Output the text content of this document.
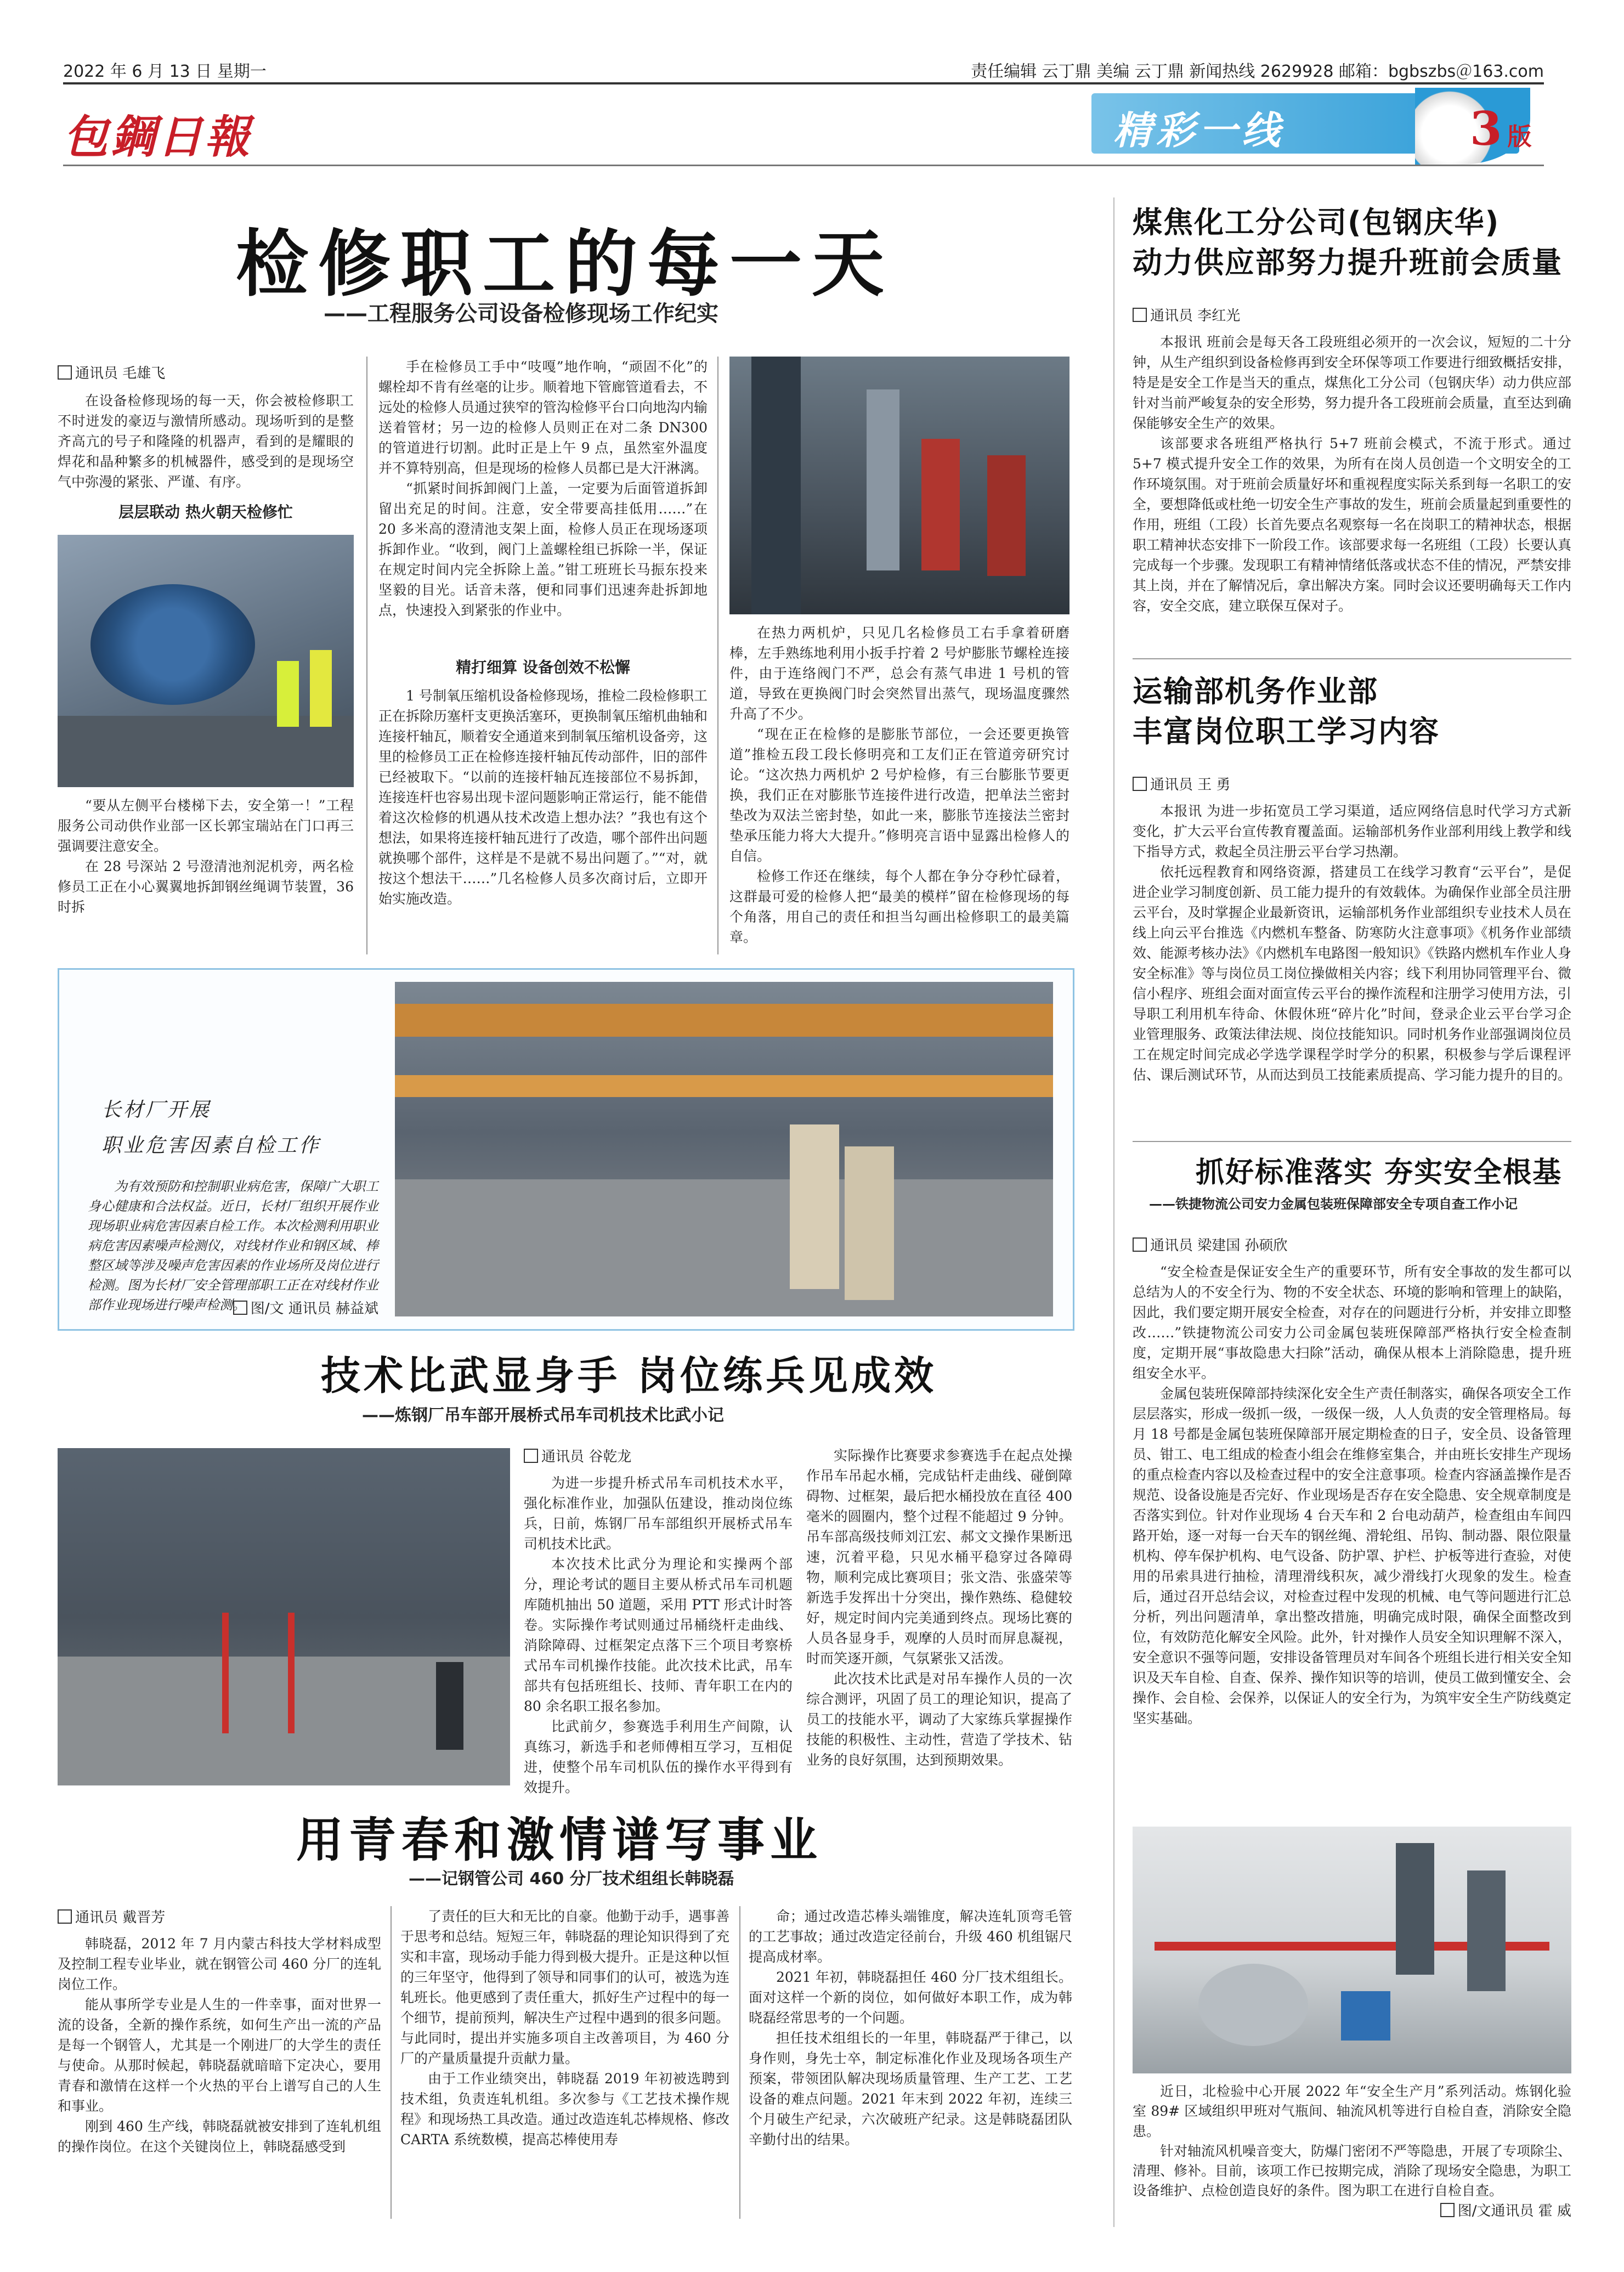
2022 年 6 月 13 日 星期一	责任编辑 云丁鼎 美编 云丁鼎 新闻热线 2629928 邮箱：bgbszbs＠163.com
包鋼日報	精彩一线	3 版
检修职工的每一天
——工程服务公司设备检修现场工作纪实
通讯员 毛雄飞

在设备检修现场的每一天，你会被检修职工不时迸发的豪迈与激情所感动。现场听到的是整齐高亢的号子和隆隆的机器声，看到的是耀眼的焊花和晶种繁多的机械器件，感受到的是现场空气中弥漫的紧张、严谨、有序。

层层联动 热火朝天检修忙

“要从左侧平台楼梯下去，安全第一！”工程服务公司动供作业部一区长郭宝瑞站在门口再三强调要注意安全。

在 28 号深站 2 号澄清池剂泥机旁，两名检修员工正在小心翼翼地拆卸钢丝绳调节装置，36 时拆

手在检修员工手中“吱嘎”地作响，“顽固不化”的螺栓却不肯有丝毫的让步。顺着地下管廊管道看去，不远处的检修人员通过狭窄的管沟检修平台口向地沟内输送着管材；另一边的检修人员则正在对二条 DN300 的管道进行切割。此时正是上午 9 点，虽然室外温度并不算特别高，但是现场的检修人员都已是大汗淋漓。

“抓紧时间拆卸阀门上盖，一定要为后面管道拆卸留出充足的时间。注意，安全带要高挂低用……”在 20 多米高的澄清池支架上面，检修人员正在现场逐项拆卸作业。“收到，阀门上盖螺栓组已拆除一半，保证在规定时间内完全拆除上盖。”钳工班班长马振东投来坚毅的目光。话音未落，便和同事们迅速奔赴拆卸地点，快速投入到紧张的作业中。

精打细算 设备创效不松懈

1 号制氧压缩机设备检修现场，推检二段检修职工正在拆除历塞杆支更换活塞环，更换制氧压缩机曲轴和连接杆轴瓦，顺着安全通道来到制氧压缩机设备旁，这里的检修员工正在检修连接杆轴瓦传动部件，旧的部件已经被取下。“以前的连接杆轴瓦连接部位不易拆卸，连接连杆也容易出现卡涩问题影响正常运行，能不能借着这次检修的机遇从技术改造上想办法？”我也有这个想法，如果将连接杆轴瓦进行了改造，哪个部件出问题就换哪个部件，这样是不是就不易出问题了。”“对，就按这个想法干……”几名检修人员多次商讨后，立即开始实施改造。

在热力两机炉，只见几名检修员工右手拿着研磨棒，左手熟练地利用小扳手拧着 2 号炉膨胀节螺栓连接件，由于连络阀门不严，总会有蒸气串进 1 号机的管道，导致在更换阀门时会突然冒出蒸气，现场温度骤然升高了不少。

“现在正在检修的是膨胀节部位，一会还要更换管道”推检五段工段长修明亮和工友们正在管道旁研究讨论。“这次热力两机炉 2 号炉检修，有三台膨胀节要更换，我们正在对膨胀节连接件进行改造，把单法兰密封垫改为双法兰密封垫，如此一来，膨胀节连接法兰密封垫承压能力将大大提升。”修明亮言语中显露出检修人的自信。

检修工作还在继续，每个人都在争分夺秒忙碌着，这群最可爱的检修人把“最美的模样”留在检修现场的每个角落，用自己的责任和担当勾画出检修职工的最美篇章。

长材厂开展
职业危害因素自检工作

为有效预防和控制职业病危害，保障广大职工身心健康和合法权益。近日，长材厂组织开展作业现场职业病危害因素自检工作。本次检测利用职业病危害因素噪声检测仪，对线材作业和钢区域、棒整区域等涉及噪声危害因素的作业场所及岗位进行检测。图为长材厂安全管理部职工正在对线材作业部作业现场进行噪声检测。 图/文 通讯员 赫益斌
技术比武显身手 岗位练兵见成效
——炼钢厂吊车部开展桥式吊车司机技术比武小记
通讯员 谷乾龙

为进一步提升桥式吊车司机技术水平，强化标准作业，加强队伍建设，推动岗位练兵，日前，炼钢厂吊车部组织开展桥式吊车司机技术比武。

本次技术比武分为理论和实操两个部分，理论考试的题目主要从桥式吊车司机题库随机抽出 50 道题，采用 PTT 形式计时答卷。实际操作考试则通过吊桶绕杆走曲线、消除障碍、过框架定点落下三个项目考察桥式吊车司机操作技能。此次技术比武，吊车部共有包括班组长、技师、青年职工在内的 80 余名职工报名参加。

比武前夕，参赛选手利用生产间隙，认真练习，新选手和老师傅相互学习，互相促进，使整个吊车司机队伍的操作水平得到有效提升。

实际操作比赛要求参赛选手在起点处操作吊车吊起水桶，完成钻杆走曲线、碰倒障碍物、过框架，最后把水桶投放在直径 400 毫米的圆圈内，整个过程不能超过 9 分钟。吊车部高级技师刘江宏、郝文文操作果断迅速，沉着平稳，只见水桶平稳穿过各障碍物，顺利完成比赛项目；张文浩、张盛荣等新选手发挥出十分突出，操作熟练、稳健较好，规定时间内完美通到终点。现场比赛的人员各显身手，观摩的人员时而屏息凝视，时而笑逐开颜，气氛紧张又活泼。

此次技术比武是对吊车操作人员的一次综合测评，巩固了员工的理论知识，提高了员工的技能水平，调动了大家练兵掌握操作技能的积极性、主动性，营造了学技术、钻业务的良好氛围，达到预期效果。

用青春和激情谱写事业
——记钢管公司 460 分厂技术组组长韩晓磊
通讯员 戴晋芳

韩晓磊，2012 年 7 月内蒙古科技大学材料成型及控制工程专业毕业，就在钢管公司 460 分厂的连轧岗位工作。

能从事所学专业是人生的一件幸事，面对世界一流的设备，全新的操作系统，如何生产出一流的产品是每一个钢管人，尤其是一个刚进厂的大学生的责任与使命。从那时候起，韩晓磊就暗暗下定决心，要用青春和激情在这样一个火热的平台上谱写自己的人生和事业。

刚到 460 生产线，韩晓磊就被安排到了连轧机组的操作岗位。在这个关键岗位上，韩晓磊感受到

了责任的巨大和无比的自豪。他勤于动手，遇事善于思考和总结。短短三年，韩晓磊的理论知识得到了充实和丰富，现场动手能力得到极大提升。正是这种以恒的三年坚守，他得到了领导和同事们的认可，被选为连轧班长。他更感到了责任重大，抓好生产过程中的每一个细节，提前预判，解决生产过程中遇到的很多问题。与此同时，提出并实施多项自主改善项目，为 460 分厂的产量质量提升贡献力量。

由于工作业绩突出，韩晓磊 2019 年初被选聘到技术组，负责连轧机组。多次参与《工艺技术操作规程》和现场热工具改造。通过改造连轧芯棒规格、修改 CARTA 系统数模，提高芯棒使用寿

命；通过改造芯棒头端锥度，解决连轧顶弯毛管的工艺事故；通过改造定径前台，升级 460 机组锯尺提高成材率。

2021 年初，韩晓磊担任 460 分厂技术组组长。面对这样一个新的岗位，如何做好本职工作，成为韩晓磊经常思考的一个问题。

担任技术组组长的一年里，韩晓磊严于律己，以身作则，身先士卒，制定标准化作业及现场各项生产预案，带领团队解决现场质量管理、生产工艺、工艺设备的难点问题。2021 年末到 2022 年初，连续三个月破生产纪录，六次破班产纪录。这是韩晓磊团队辛勤付出的结果。

煤焦化工分公司(包钢庆华)
动力供应部努力提升班前会质量
通讯员 李红光

本报讯 班前会是每天各工段班组必须开的一次会议，短短的二十分钟，从生产组织到设备检修再到安全环保等项工作要进行细致概括安排，特是是安全工作是当天的重点，煤焦化工分公司（包钢庆华）动力供应部针对当前严峻复杂的安全形势，努力提升各工段班前会质量，直至达到确保能够安全生产的效果。

该部要求各班组严格执行 5+7 班前会模式，不流于形式。通过 5+7 模式提升安全工作的效果，为所有在岗人员创造一个文明安全的工作环境氛围。对于班前会质量好坏和重视程度实际关系到每一名职工的安全，要想降低或杜绝一切安全生产事故的发生，班前会质量起到重要性的作用，班组（工段）长首先要点名观察每一名在岗职工的精神状态，根据职工精神状态安排下一阶段工作。该部要求每一名班组（工段）长要认真完成每一个步骤。发现职工有精神情绪低落或状态不佳的情况，严禁安排其上岗，并在了解情况后，拿出解决方案。同时会议还要明确每天工作内容，安全交底，建立联保互保对子。

运输部机务作业部
丰富岗位职工学习内容
通讯员 王 勇

本报讯 为进一步拓宽员工学习渠道，适应网络信息时代学习方式新变化，扩大云平台宣传教育覆盖面。运输部机务作业部利用线上教学和线下指导方式，救起全员注册云平台学习热潮。

依托远程教育和网络资源，搭建员工在线学习教育“云平台”，是促进企业学习制度创新、员工能力提升的有效载体。为确保作业部全员注册云平台，及时掌握企业最新资讯，运输部机务作业部组织专业技术人员在线上向云平台推选《内燃机车整备、防寒防火注意事项》《机务作业部绩效、能源考核办法》《内燃机车电路图一般知识》《铁路内燃机车作业人身安全标准》等与岗位员工岗位操做相关内容；线下利用协同管理平台、微信小程序、班组会面对面宣传云平台的操作流程和注册学习使用方法，引导职工利用机车待命、休假休班“碎片化”时间，登录企业云平台学习企业管理服务、政策法律法规、岗位技能知识。同时机务作业部强调岗位员工在规定时间完成必学选学课程学时学分的积累，积极参与学后课程评估、课后测试环节，从而达到员工技能素质提高、学习能力提升的目的。

抓好标准落实 夯实安全根基
——铁捷物流公司安力金属包装班保障部安全专项自查工作小记
通讯员 梁建国 孙硕欣

“安全检查是保证安全生产的重要环节，所有安全事故的发生都可以总结为人的不安全行为、物的不安全状态、环境的影响和管理上的缺陷，因此，我们要定期开展安全检查，对存在的问题进行分析，并安排立即整改……”铁捷物流公司安力公司金属包装班保障部严格执行安全检查制度，定期开展“事故隐患大扫除”活动，确保从根本上消除隐患，提升班组安全水平。

金属包装班保障部持续深化安全生产责任制落实，确保各项安全工作层层落实，形成一级抓一级，一级保一级，人人负责的安全管理格局。每月 18 号都是金属包装班保障部开展定期检查的日子，安全员、设备管理员、钳工、电工组成的检查小组会在维修室集合，并由班长安排生产现场的重点检查内容以及检查过程中的安全注意事项。检查内容涵盖操作是否规范、设备设施是否完好、作业现场是否存在安全隐患、安全规章制度是否落实到位。针对作业现场 4 台天车和 2 台电动葫芦，检查组由车间四路开始，逐一对每一台天车的钢丝绳、滑轮组、吊钩、制动器、限位限量机构、停车保护机构、电气设备、防护罩、护栏、护板等进行查验，对使用的吊索具进行抽检，清理滑线积灰，减少滑线打火现象的发生。检查后，通过召开总结会议，对检查过程中发现的机械、电气等问题进行汇总分析，列出问题清单，拿出整改措施，明确完成时限，确保全面整改到位，有效防范化解安全风险。此外，针对操作人员安全知识理解不深入，安全意识不强等问题，安排设备管理员对车间各个班组长进行相关安全知识及天车自检、自查、保养、操作知识等的培训，使员工做到懂安全、会操作、会自检、会保养，以保证人的安全行为，为筑牢安全生产防线奠定坚实基础。

近日，北检验中心开展 2022 年“安全生产月”系列活动。炼钢化验室 89# 区域组织甲班对气瓶间、轴流风机等进行自检自查，消除安全隐患。

针对轴流风机噪音变大，防爆门密闭不严等隐患，开展了专项除尘、清理、修补。目前，该项工作已按期完成，消除了现场安全隐患，为职工设备维护、点检创造良好的条件。图为职工在进行自检自查。

图/文通讯员 霍 威
